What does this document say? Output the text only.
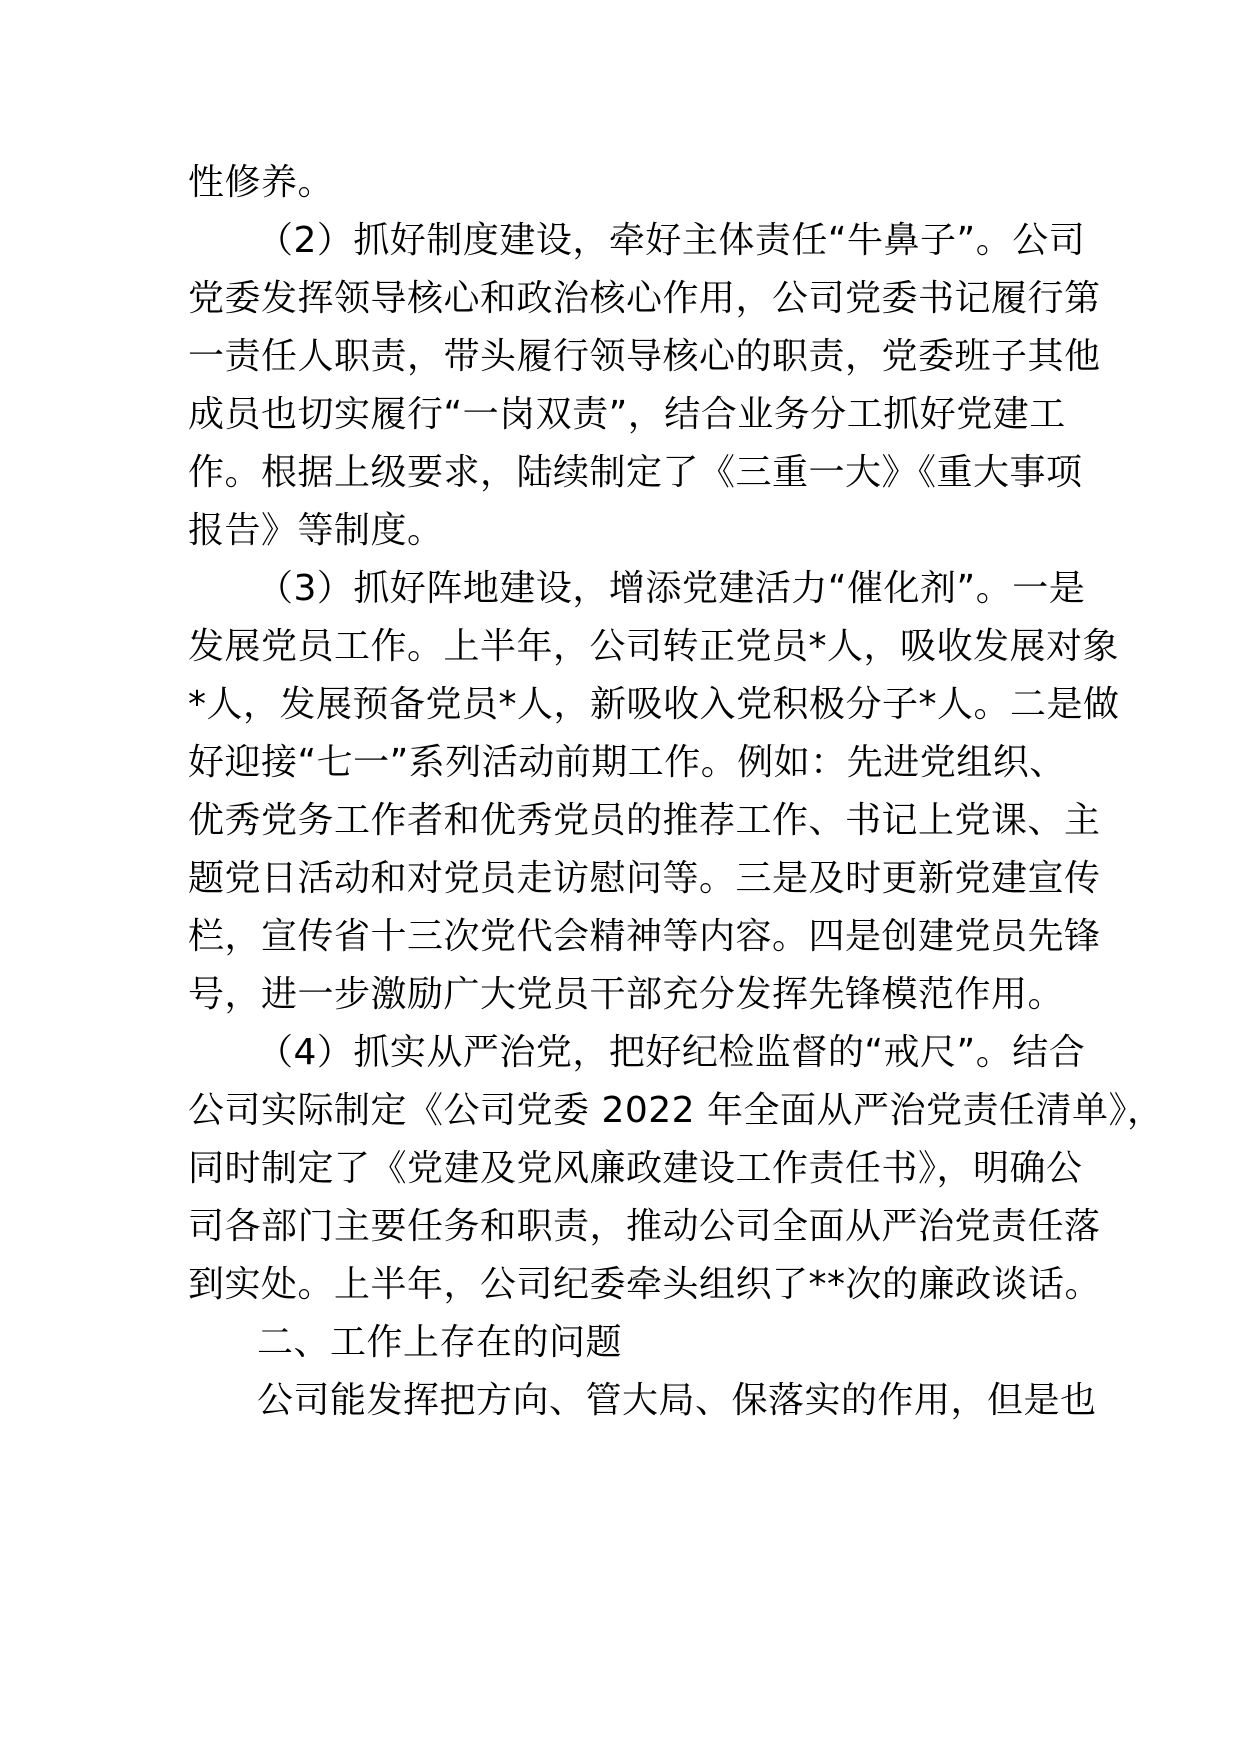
性修养。
（2）抓好制度建设，牵好主体责任“牛鼻子”。公司
党委发挥领导核心和政治核心作用，公司党委书记履行第
一责任人职责，带头履行领导核心的职责，党委班子其他
成员也切实履行“一岗双责”，结合业务分工抓好党建工
作。根据上级要求，陆续制定了《三重一大》《重大事项
报告》等制度。
（3）抓好阵地建设，增添党建活力“催化剂”。一是
发展党员工作。上半年，公司转正党员*人，吸收发展对象
*人，发展预备党员*人，新吸收入党积极分子*人。二是做
好迎接“七一”系列活动前期工作。例如：先进党组织、
优秀党务工作者和优秀党员的推荐工作、书记上党课、主
题党日活动和对党员走访慰问等。三是及时更新党建宣传
栏，宣传省十三次党代会精神等内容。四是创建党员先锋
号，进一步激励广大党员干部充分发挥先锋模范作用。
（4）抓实从严治党，把好纪检监督的“戒尺”。结合
公司实际制定《公司党委 2022 年全面从严治党责任清单》，
同时制定了《党建及党风廉政建设工作责任书》，明确公
司各部门主要任务和职责，推动公司全面从严治党责任落
到实处。上半年，公司纪委牵头组织了**次的廉政谈话。
二、工作上存在的问题
公司能发挥把方向、管大局、保落实的作用，但是也
